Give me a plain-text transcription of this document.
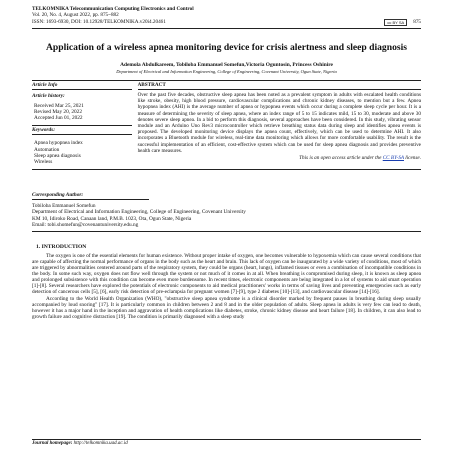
TELKOMNIKA Telecommunication Computing Electronics and Control
Vol. 20, No. 4, August 2022, pp. 875~882
ISSN: 1693-6930, DOI: 10.12928/TELKOMNIKA.v20i4.20461	cc BY SA	875
Application of a wireless apnea monitoring device for crisis alertness and sleep diagnosis
Ademola Abdulkareem, Tobiloba Emmanuel Somefun,Victoria Oguntosin, Princess Oshinire
Department of Electrical and Information Engineering, College of Engineering, Covenant University, Ogun State, Nigeria
Article Info
Article history:
Received Mar 25, 2021
Revised May 20, 2022
Accepted Jun 01, 2022
Keywords:
Apnea hypopnea index
Automation
Sleep apnea diagnosis
Wireless
ABSTRACT
Over the past five decades, obstructive sleep apnea has been noted as a prevalent symptom in adults with escalated health conditions like stroke, obesity, high blood pressure, cardiovascular complications and chronic kidney diseases, to mention but a few. Apnea hypopnea index (AHI) is the average number of apnea or hypopnea events which occur during a complete sleep cycle per hour. It is a measure of determining the severity of sleep apnea, where an index range of 5 to 15 indicates mild, 15 to 30, moderate and above 30 denotes severe sleep apnea. In a bid to perform this diagnosis, several approaches have been considered. In this study, vibrating sensor module and an Arduino Uno Rev3 microcontroller which retrieve breathing status data during sleep and identifies apnea events is proposed. The developed monitoring device displays the apnea count, effectively, which can be used to determine AHI. It also incorporates a Bluetooth module for wireless, real-time data monitoring which allows for more comfortable usability. The result is the successful implementation of an efficient, cost-effective system which can be used for sleep apnea diagnosis and provides preventive health care measures.
This is an open access article under the CC BY-SA license.
Corresponding Author:
Tobiloba Emmanuel Somefun
Department of Electrical and Information Engineering, College of Engineering, Covenant University
KM 10, Idiroko Road, Canaan land, P.M.B. 1023, Ota, Ogun State, Nigeria
Email: tobi.shomefun@covenantuniversity.edu.ng
1. INTRODUCTION

The oxygen is one of the essential elements for human existence. Without proper intake of oxygen, one becomes vulnerable to hypoxemia which can cause several conditions that are capable of affecting the normal performance of organs in the body such as the heart and brain. This lack of oxygen can be inaugurated by a wide variety of conditions, most of which are triggered by abnormalities centered around parts of the respiratory system, they could be organs (heart, lungs), inflamed tissues or even a combination of incompatible conditions in the body. In some such way, oxygen does not flow well through the system or not much of it comes in at all. When breathing is compromised during sleep, it is known as sleep apnea and prolonged subsistence with this condition can become even more burdensome. In recent times, electronic components are being integrated in a lot of systems to aid smart operation [1]-[8]. Several researchers have explored the potentials of electronic components to aid medical practitioners' works in terms of saving lives and preventing emergencies such as early detection of cancerous cells [5], [6], early risk detection of pre-eclampsia for pregnant women [7]-[9], type 2 diabetes [10]-[13], and cardiovascular disease [14]-[16].

According to the World Health Organization (WHO), "obstructive sleep apnea syndrome is a clinical disorder marked by frequent pauses in breathing during sleep usually accompanied by loud snoring" [17]. It is particularly common in children between 2 and 8 and in the older population of adults. Sleep apnea in adults is very few can lead to death, however it has a major hand in the inception and aggravation of health complications like diabetes, stroke, chronic kidney disease and heart failure [18]. In children, it can also lead to growth failure and cognitive distraction [19]. The condition is primarily diagnosed with a sleep study

Journal homepage: http://telkomnika.uad.ac.id
